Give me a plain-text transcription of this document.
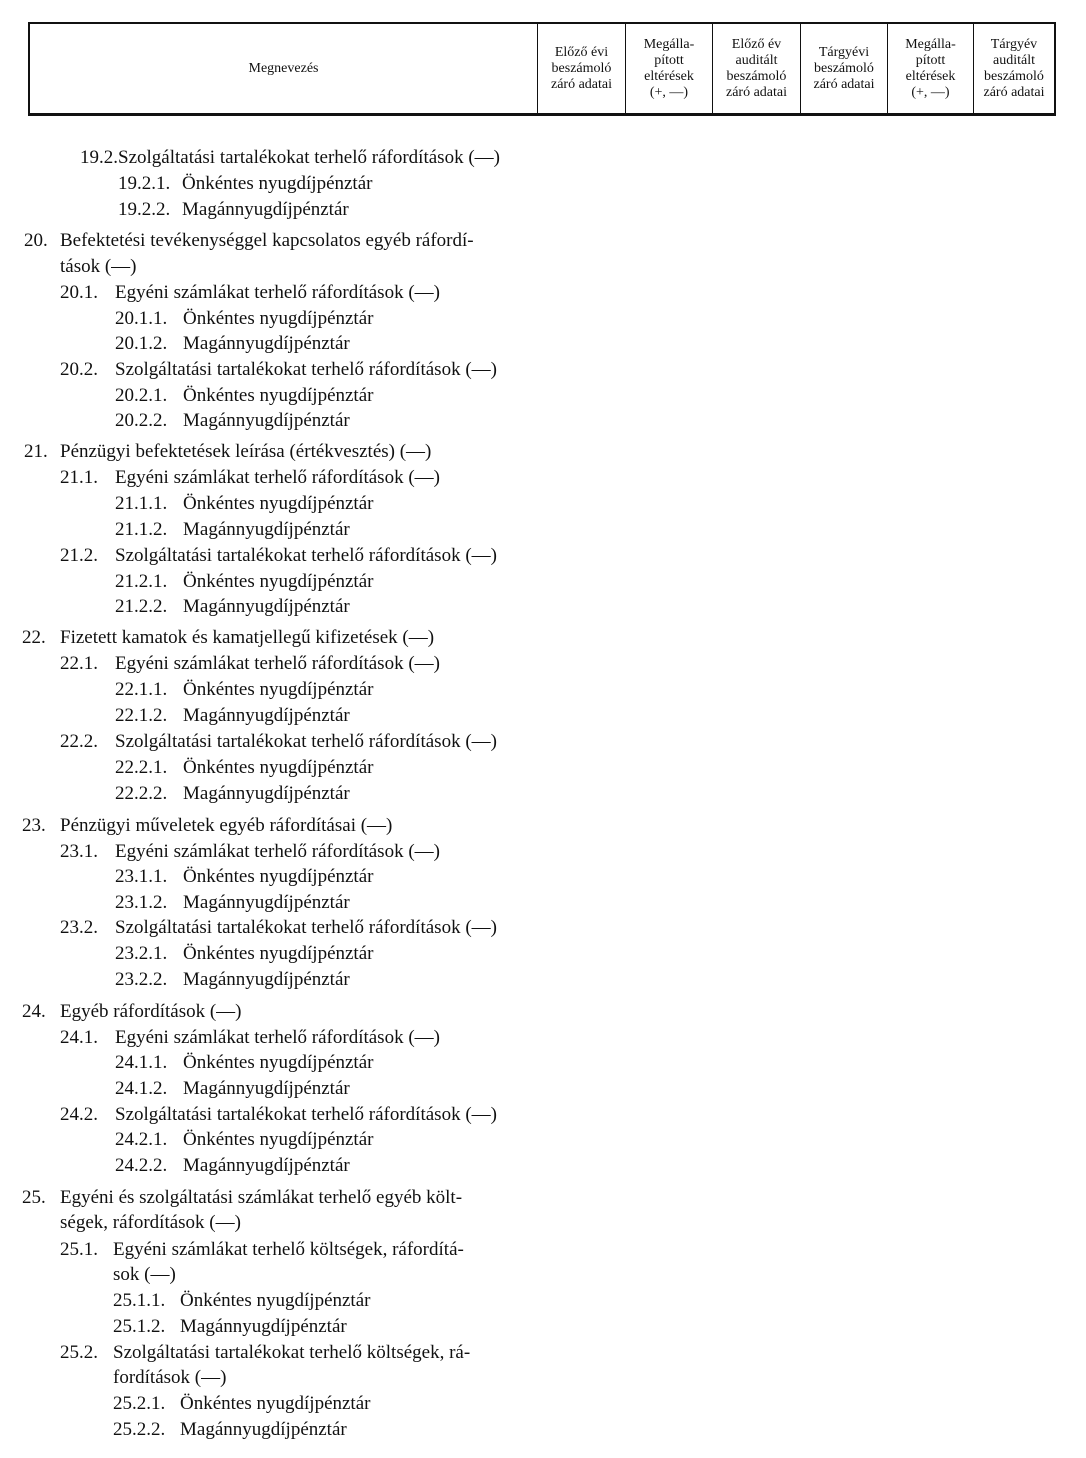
Megnevezés
Előző évi
beszámoló
záró adatai
Megálla-
pított
eltérések
(+, —)
Előző év
auditált
beszámoló
záró adatai
Tárgyévi
beszámoló
záró adatai
Megálla-
pított
eltérések
(+, —)
Tárgyév
auditált
beszámoló
záró adatai
19.2. Szolgáltatási tartalékokat terhelő ráfordítások (—)
19.2.1. Önkéntes nyugdíjpénztár
19.2.2. Magánnyugdíjpénztár
20. Befektetési tevékenységgel kapcsolatos egyéb ráfordí-
tások (—)
20.1. Egyéni számlákat terhelő ráfordítások (—)
20.1.1. Önkéntes nyugdíjpénztár
20.1.2. Magánnyugdíjpénztár
20.2. Szolgáltatási tartalékokat terhelő ráfordítások (—)
20.2.1. Önkéntes nyugdíjpénztár
20.2.2. Magánnyugdíjpénztár
21. Pénzügyi befektetések leírása (értékvesztés) (—)
21.1. Egyéni számlákat terhelő ráfordítások (—)
21.1.1. Önkéntes nyugdíjpénztár
21.1.2. Magánnyugdíjpénztár
21.2. Szolgáltatási tartalékokat terhelő ráfordítások (—)
21.2.1. Önkéntes nyugdíjpénztár
21.2.2. Magánnyugdíjpénztár
22. Fizetett kamatok és kamatjellegű kifizetések (—)
22.1. Egyéni számlákat terhelő ráfordítások (—)
22.1.1. Önkéntes nyugdíjpénztár
22.1.2. Magánnyugdíjpénztár
22.2. Szolgáltatási tartalékokat terhelő ráfordítások (—)
22.2.1. Önkéntes nyugdíjpénztár
22.2.2. Magánnyugdíjpénztár
23. Pénzügyi műveletek egyéb ráfordításai (—)
23.1. Egyéni számlákat terhelő ráfordítások (—)
23.1.1. Önkéntes nyugdíjpénztár
23.1.2. Magánnyugdíjpénztár
23.2. Szolgáltatási tartalékokat terhelő ráfordítások (—)
23.2.1. Önkéntes nyugdíjpénztár
23.2.2. Magánnyugdíjpénztár
24. Egyéb ráfordítások (—)
24.1. Egyéni számlákat terhelő ráfordítások (—)
24.1.1. Önkéntes nyugdíjpénztár
24.1.2. Magánnyugdíjpénztár
24.2. Szolgáltatási tartalékokat terhelő ráfordítások (—)
24.2.1. Önkéntes nyugdíjpénztár
24.2.2. Magánnyugdíjpénztár
25. Egyéni és szolgáltatási számlákat terhelő egyéb költ-
ségek, ráfordítások (—)
25.1. Egyéni számlákat terhelő költségek, ráfordítá-
sok (—)
25.1.1. Önkéntes nyugdíjpénztár
25.1.2. Magánnyugdíjpénztár
25.2. Szolgáltatási tartalékokat terhelő költségek, rá-
fordítások (—)
25.2.1. Önkéntes nyugdíjpénztár
25.2.2. Magánnyugdíjpénztár
